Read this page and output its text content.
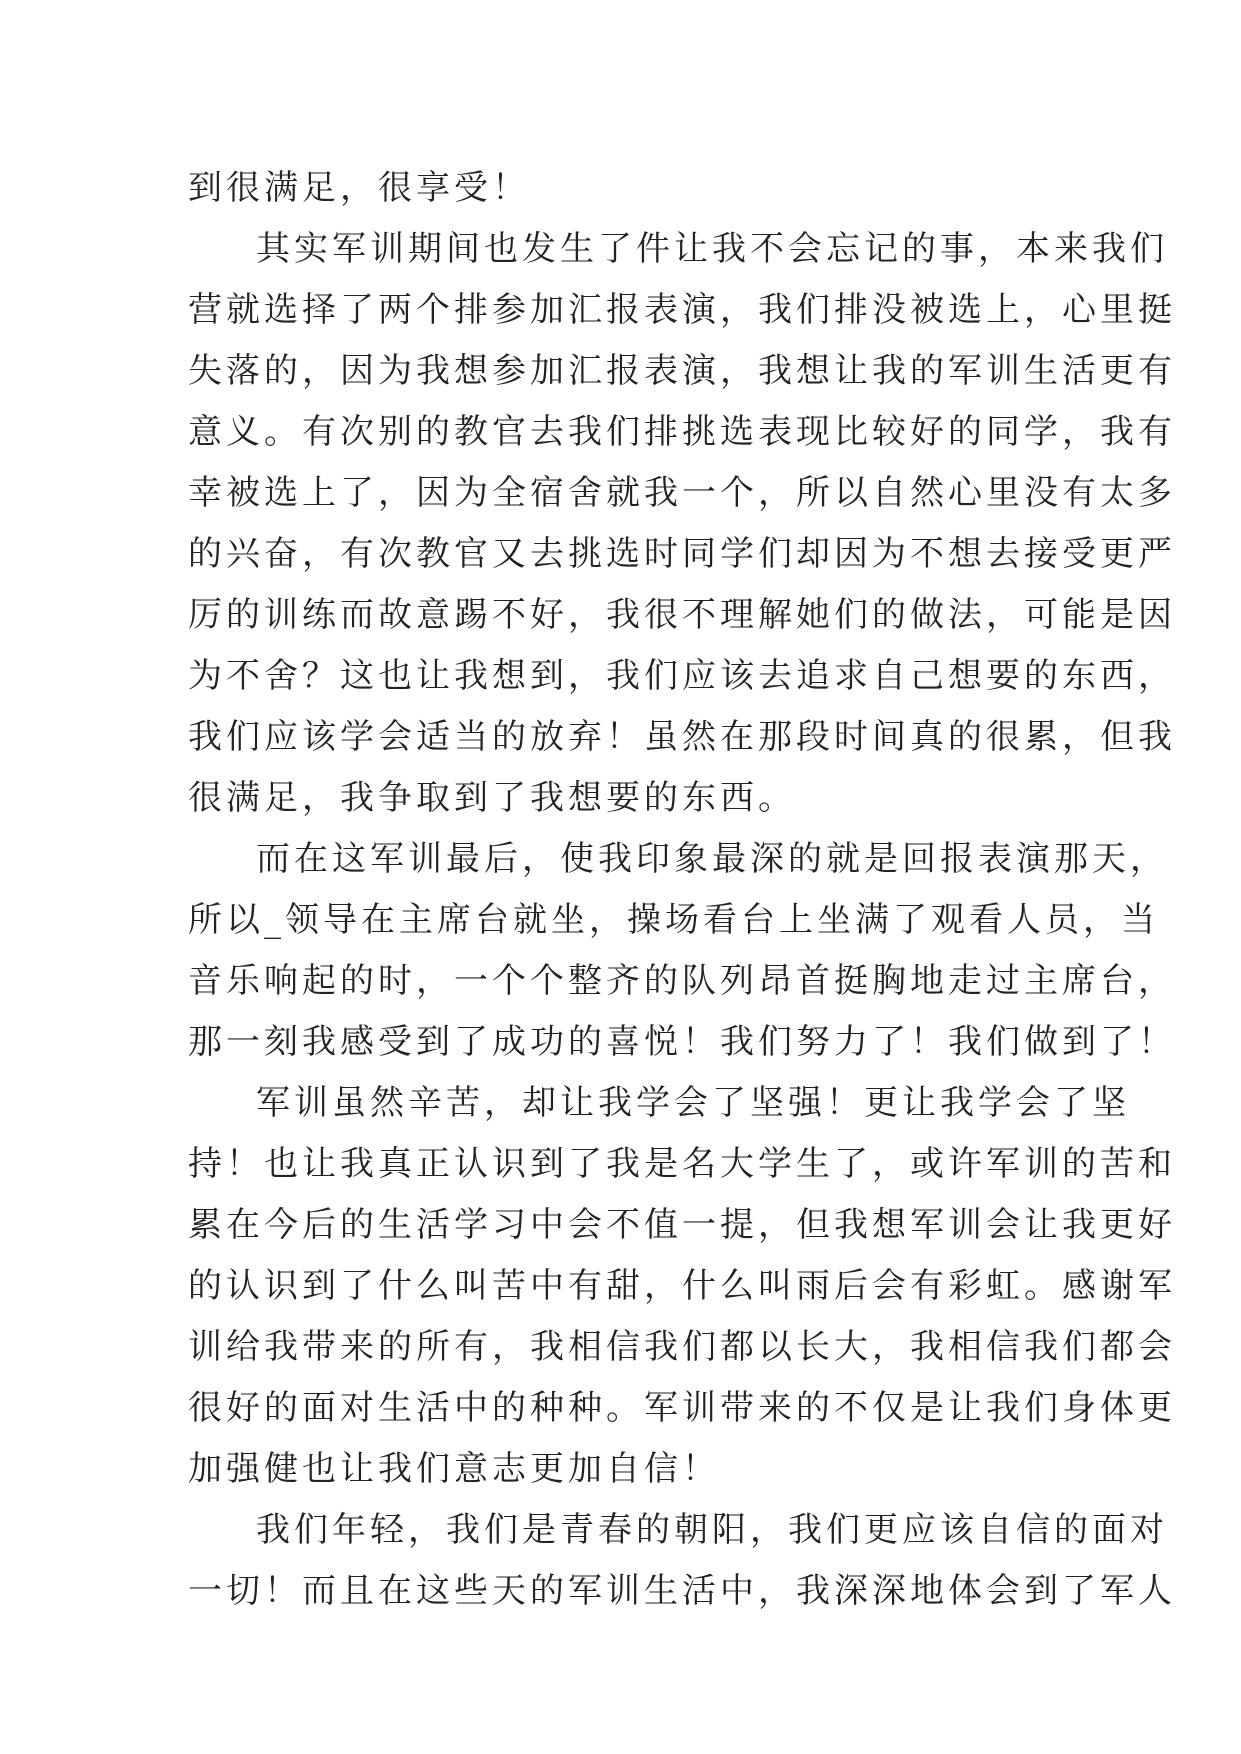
到很满足，很享受！
其实军训期间也发生了件让我不会忘记的事，本来我们
营就选择了两个排参加汇报表演，我们排没被选上，心里挺
失落的，因为我想参加汇报表演，我想让我的军训生活更有
意义。有次别的教官去我们排挑选表现比较好的同学，我有
幸被选上了，因为全宿舍就我一个，所以自然心里没有太多
的兴奋，有次教官又去挑选时同学们却因为不想去接受更严
厉的训练而故意踢不好，我很不理解她们的做法，可能是因
为不舍？这也让我想到，我们应该去追求自己想要的东西，
我们应该学会适当的放弃！虽然在那段时间真的很累，但我
很满足，我争取到了我想要的东西。
而在这军训最后，使我印象最深的就是回报表演那天，
所以_领导在主席台就坐，操场看台上坐满了观看人员，当
音乐响起的时，一个个整齐的队列昂首挺胸地走过主席台，
那一刻我感受到了成功的喜悦！我们努力了！我们做到了！
军训虽然辛苦，却让我学会了坚强！更让我学会了坚
持！也让我真正认识到了我是名大学生了，或许军训的苦和
累在今后的生活学习中会不值一提，但我想军训会让我更好
的认识到了什么叫苦中有甜，什么叫雨后会有彩虹。感谢军
训给我带来的所有，我相信我们都以长大，我相信我们都会
很好的面对生活中的种种。军训带来的不仅是让我们身体更
加强健也让我们意志更加自信！
我们年轻，我们是青春的朝阳，我们更应该自信的面对
一切！而且在这些天的军训生活中，我深深地体会到了军人
